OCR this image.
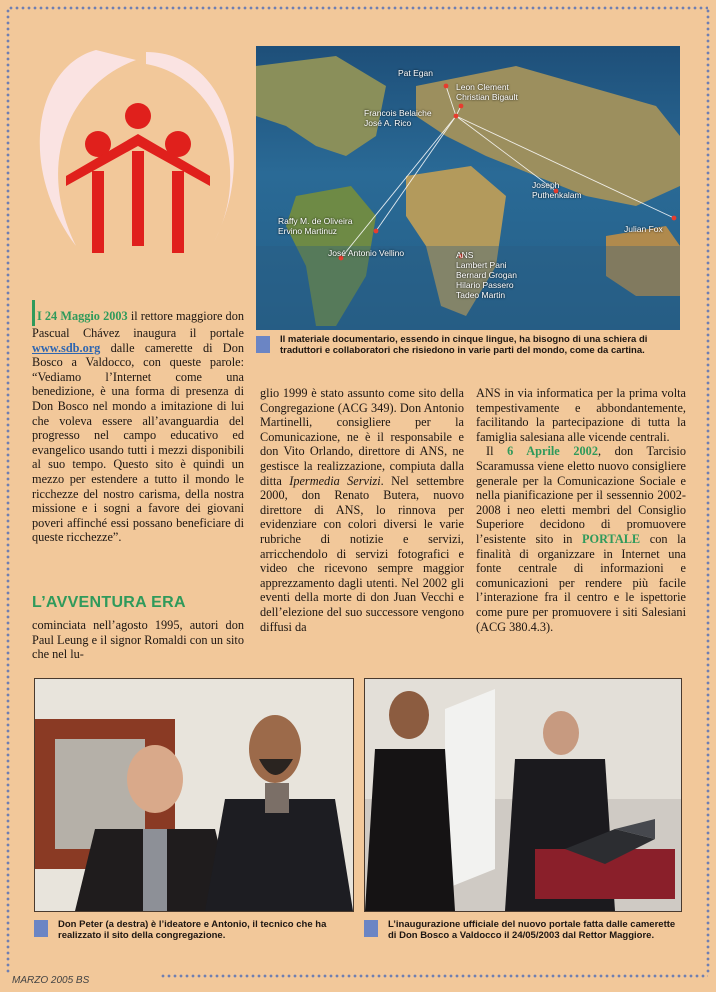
Pat Egan
Leon Clement
Christian Bigault
Francois Belaiche
José A. Rico
Joseph
Puthenkalam
Julian Fox
Raffy M. de Oliveira
Ervino Martinuz
José Antonio Vellino	ANS
Lambert Pani
Bernard Grogan
Hilario Passero
Tadeo Martin
Il materiale documentario, essendo in cinque lingue, ha bisogno di una schiera di traduttori e collaboratori che risiedono in varie parti del mondo, come da cartina.
I 24 Maggio 2003 il rettore maggiore don Pascual Chávez inaugura il portale www.sdb.org dalle camerette di Don Bosco a Valdocco, con queste parole: “Vediamo l’Internet come una benedizione, è una forma di presenza di Don Bosco nel mondo a imitazione di lui che voleva essere all’avanguardia del progresso nel campo educativo ed evangelico usando tutti i mezzi disponibili al suo tempo. Questo sito è quindi un mezzo per estendere a tutto il mondo le ricchezze del nostro carisma, della nostra missione e i sogni a favore dei giovani poveri affinché essi possano beneficiare di queste ricchezze”.
L’AVVENTURA ERA
cominciata nell’agosto 1995, autori don Paul Leung e il signor Romaldi con un sito che nel lu-
glio 1999 è stato assunto come sito della Congregazione (ACG 349). Don Antonio Martinelli, consigliere per la Comunicazione, ne è il responsabile e don Vito Orlando, direttore di ANS, ne gestisce la realizzazione, compiuta dalla ditta Ipermedia Servizi. Nel settembre 2000, don Renato Butera, nuovo direttore di ANS, lo rinnova per evidenziare con colori diversi le varie rubriche di notizie e servizi, arricchendolo di servizi fotografici e video che ricevono sempre maggior apprezzamento dagli utenti. Nel 2002 gli eventi della morte di don Juan Vecchi e dell’elezione del suo successore vengono diffusi da
ANS in via informatica per la prima volta tempestivamente e abbondantemente, facilitando la partecipazione di tutta la famiglia salesiana alle vicende centrali.
Il 6 Aprile 2002, don Tarcisio Scaramussa viene eletto nuovo consigliere generale per la Comunicazione Sociale e nella pianificazione per il sessennio 2002-2008 i neo eletti membri del Consiglio Superiore decidono di promuovere l’esistente sito in PORTALE con la finalità di organizzare in Internet una fonte centrale di informazioni e comunicazioni per rendere più facile l’interazione fra il centro e le ispettorie come pure per promuovere i siti Salesiani (ACG 380.4.3).
Don Peter (a destra) è l’ideatore e Antonio, il tecnico che ha realizzato il sito della congregazione.
L’inaugurazione ufficiale del nuovo portale fatta dalle camerette di Don Bosco a Valdocco il 24/05/2003 dal Rettor Maggiore.
MARZO 2005 BS
